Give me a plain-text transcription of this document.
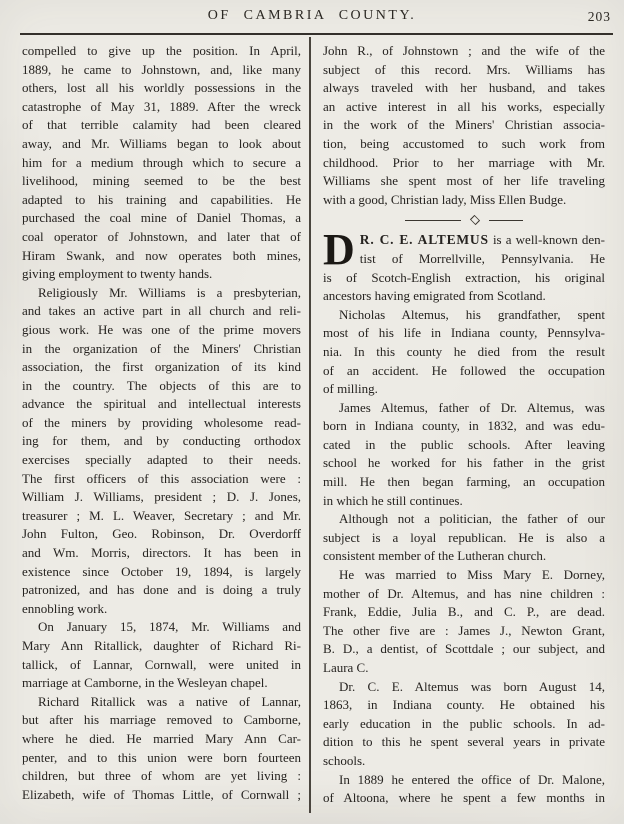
OF CAMBRIA COUNTY.	203
compelled to give up the position. In April,
1889, he came to Johnstown, and, like many
others, lost all his worldly possessions in the
catastrophe of May 31, 1889. After the wreck
of that terrible calamity had been cleared
away, and Mr. Williams began to look about
him for a medium through which to secure a
livelihood, mining seemed to be the best
adapted to his training and capabilities. He
purchased the coal mine of Daniel Thomas, a
coal operator of Johnstown, and later that of
Hiram Swank, and now operates both mines,
giving employment to twenty hands.
Religiously Mr. Williams is a presbyterian,
and takes an active part in all church and reli-
gious work. He was one of the prime movers
in the organization of the Miners' Christian
association, the first organization of its kind
in the country. The objects of this are to
advance the spiritual and intellectual interests
of the miners by providing wholesome read-
ing for them, and by conducting orthodox
exercises specially adapted to their needs.
The first officers of this association were :
William J. Williams, president ; D. J. Jones,
treasurer ; M. L. Weaver, Secretary ; and Mr.
John Fulton, Geo. Robinson, Dr. Overdorff
and Wm. Morris, directors. It has been in
existence since October 19, 1894, is largely
patronized, and has done and is doing a truly
ennobling work.
On January 15, 1874, Mr. Williams and
Mary Ann Ritallick, daughter of Richard Ri-
tallick, of Lannar, Cornwall, were united in
marriage at Camborne, in the Wesleyan chapel.
Richard Ritallick was a native of Lannar,
but after his marriage removed to Camborne,
where he died. He married Mary Ann Car-
penter, and to this union were born fourteen
children, but three of whom are yet living :
Elizabeth, wife of Thomas Little, of Cornwall ;
John R., of Johnstown ; and the wife of the
subject of this record. Mrs. Williams has
always traveled with her husband, and takes
an active interest in all his works, especially
in the work of the Miners' Christian associa-
tion, being accustomed to such work from
childhood. Prior to her marriage with Mr.
Williams she spent most of her life traveling
with a good, Christian lady, Miss Ellen Budge.
D R. C. E. ALTEMUS is a well-known den-
tist of Morrellville, Pennsylvania. He
is of Scotch-English extraction, his original
ancestors having emigrated from Scotland.
Nicholas Altemus, his grandfather, spent
most of his life in Indiana county, Pennsylva-
nia. In this county he died from the result
of an accident. He followed the occupation
of milling.
James Altemus, father of Dr. Altemus, was
born in Indiana county, in 1832, and was edu-
cated in the public schools. After leaving
school he worked for his father in the grist
mill. He then began farming, an occupation
in which he still continues.
Although not a politician, the father of our
subject is a loyal republican. He is also a
consistent member of the Lutheran church.
He was married to Miss Mary E. Dorney,
mother of Dr. Altemus, and has nine children :
Frank, Eddie, Julia B., and C. P., are dead.
The other five are : James J., Newton Grant,
B. D., a dentist, of Scottdale ; our subject, and
Laura C.
Dr. C. E. Altemus was born August 14,
1863, in Indiana county. He obtained his
early education in the public schools. In ad-
dition to this he spent several years in private
schools.
In 1889 he entered the office of Dr. Malone,
of Altoona, where he spent a few months in
